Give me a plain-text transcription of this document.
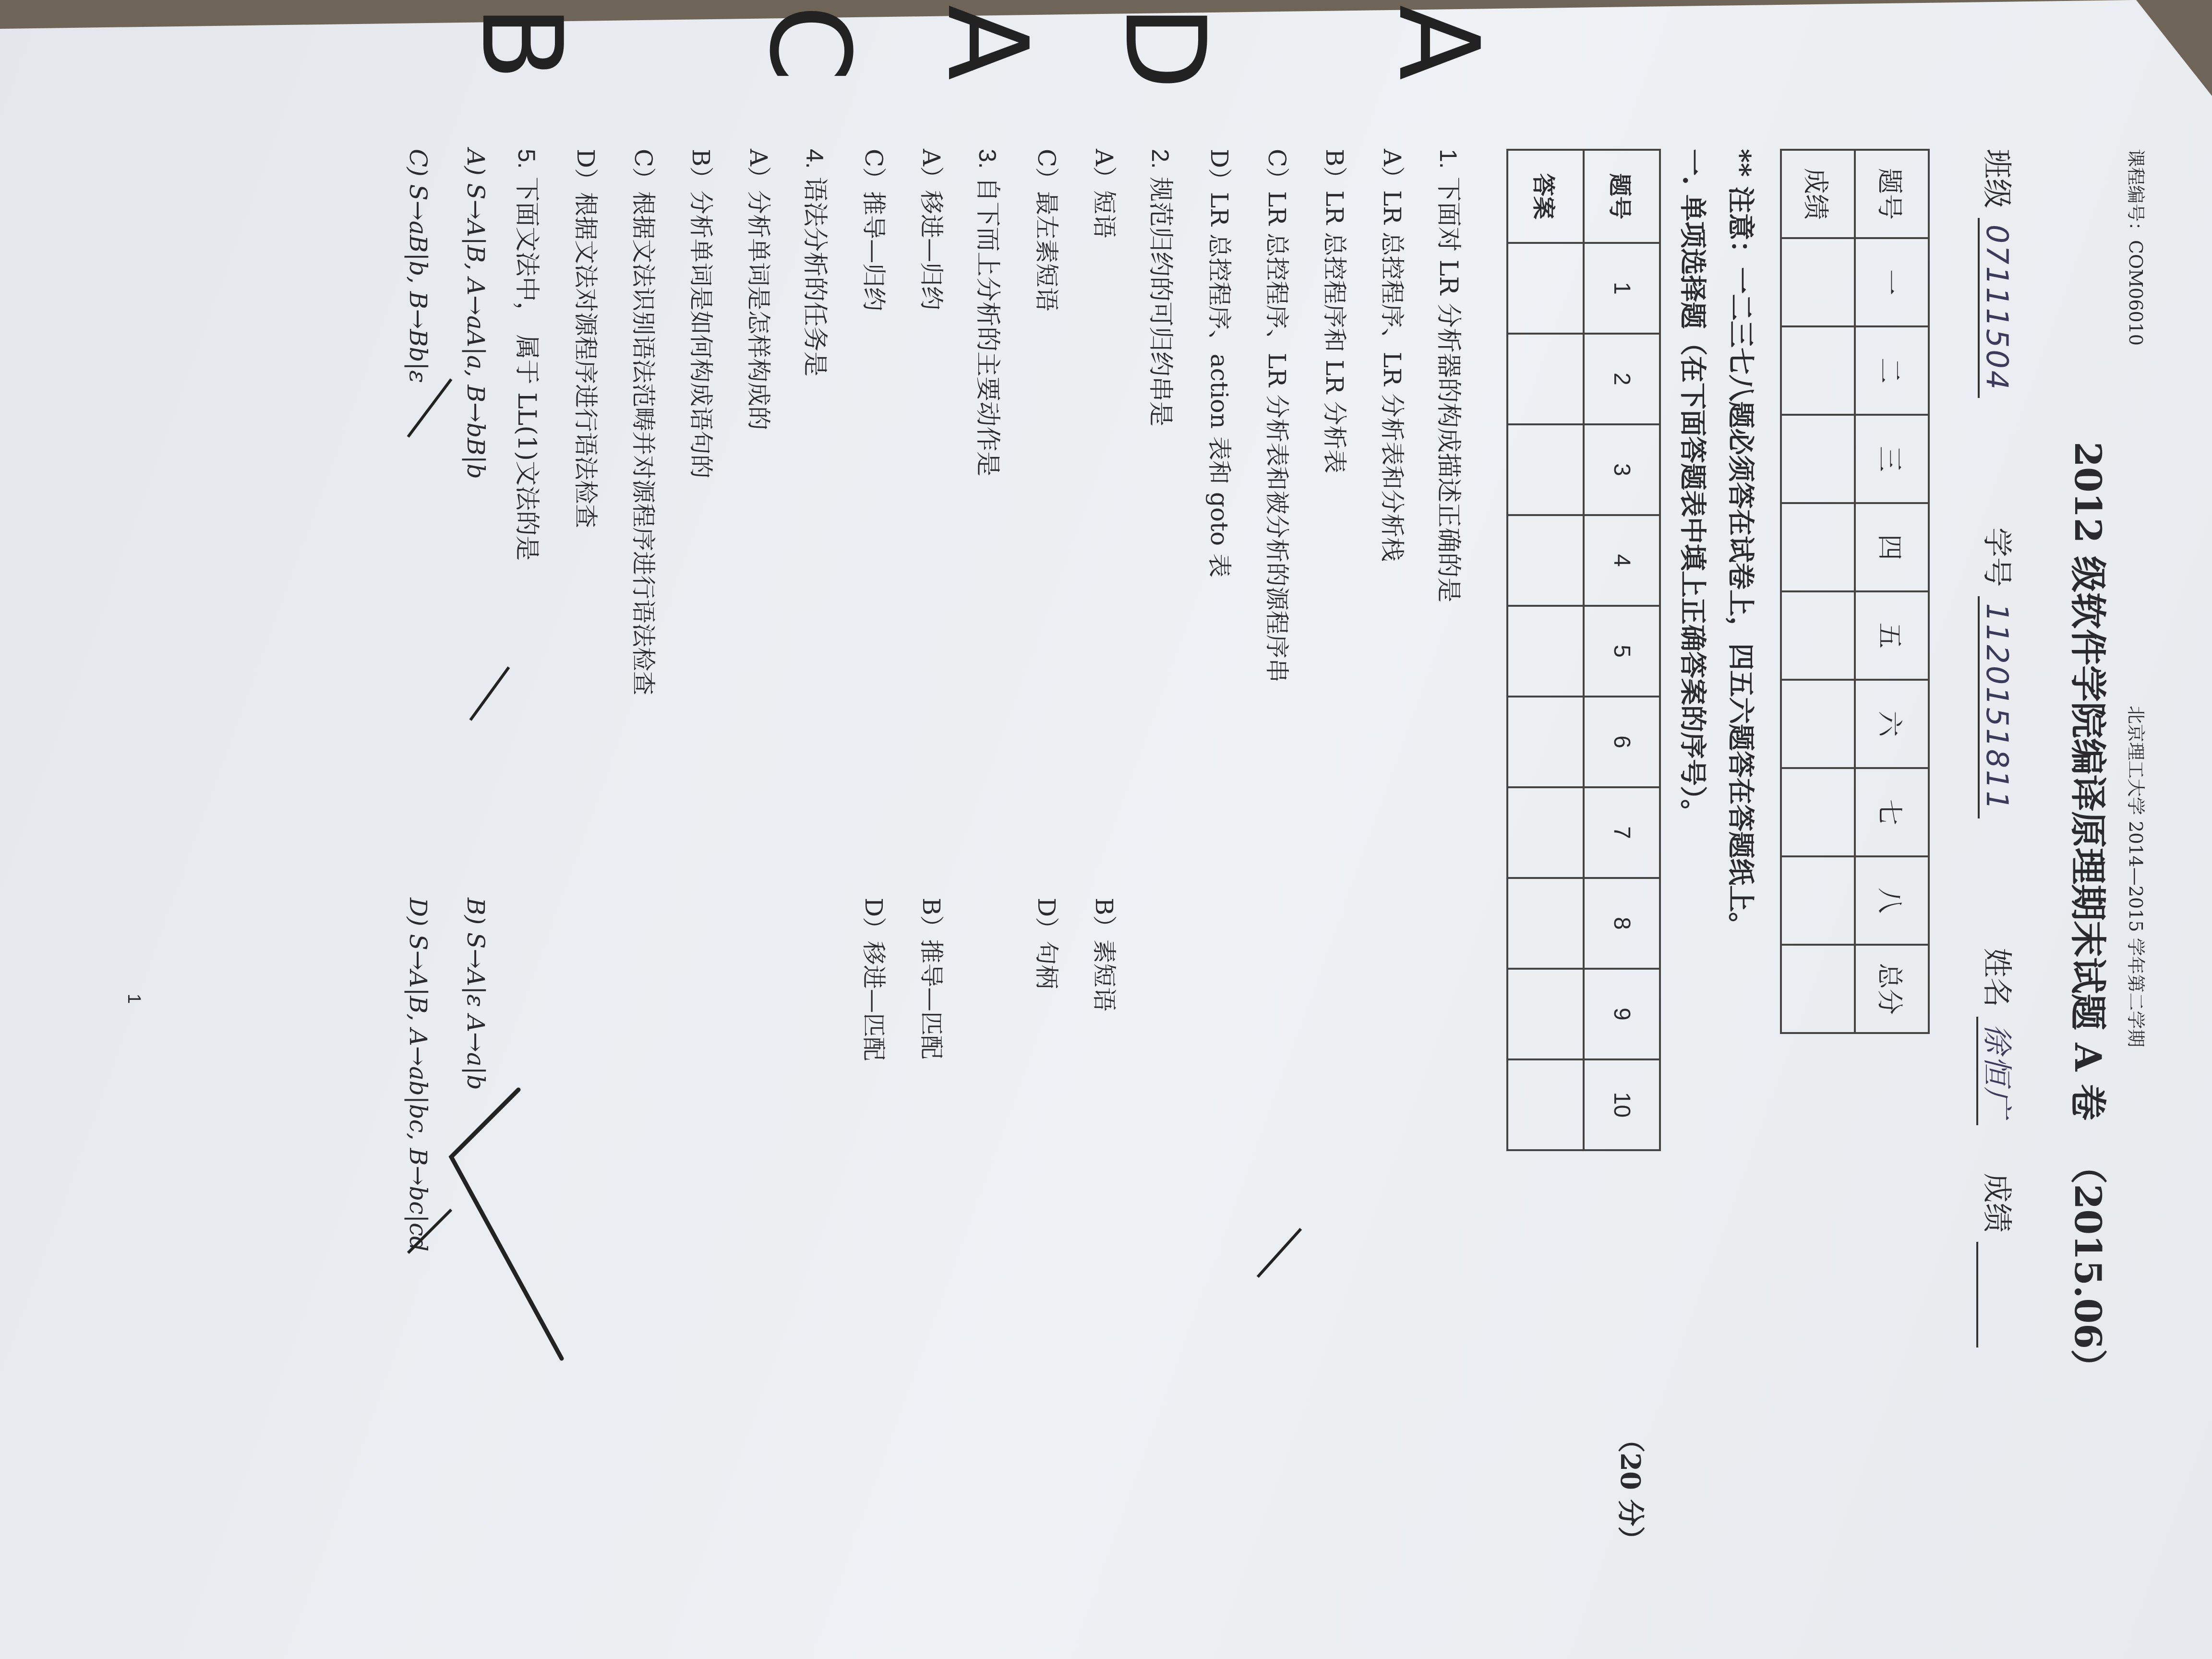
课程编号：COM06010
北京理工大学 2014—2015 学年第二学期
2012 级软件学院编译原理期末试题 A 卷 （2015.06）
班级 07111504  学号 1120151811  姓名 徐恒广  成绩
题号	一	二	三	四	五	六	七	八	总分
成绩									
** 注意：一二三七八题必须答在试卷上，四五六题答在答题纸上。
一. 单项选择题（在下面答题表中填上正确答案的序号）。
（20 分）
题号	1	2	3	4	5	6	7	8	9	10
答案										
1. 下面对 LR 分析器的构成描述正确的是
A
A）LR 总控程序、LR 分析表和分析栈
B）LR 总控程序和 LR 分析表
C）LR 总控程序、LR 分析表和被分析的源程序串
D）LR 总控程序、action 表和 goto 表
2. 规范归约的可归约串是
D
A）短语
B）素短语
C）最左素短语
D）句柄
3. 自下而上分析的主要动作是
A
A）移进—归约
B）推导—匹配
C）推导—归约
D）移进—匹配
4. 语法分析的任务是
C
A）分析单词是怎样构成的
B）分析单词是如何构成语句的
C）根据文法识别语法范畴并对源程序进行语法检查
D）根据文法对源程序进行语法检查
5. 下面文法中， 属于 LL(1)文法的是
B
A) S→A|B, A→aA|a, B→bB|b
B) S→A|ε A→a|b
C) S→aB|b, B→Bb|ε
D) S→A|B, A→ab|bc, B→bc|cd
1
